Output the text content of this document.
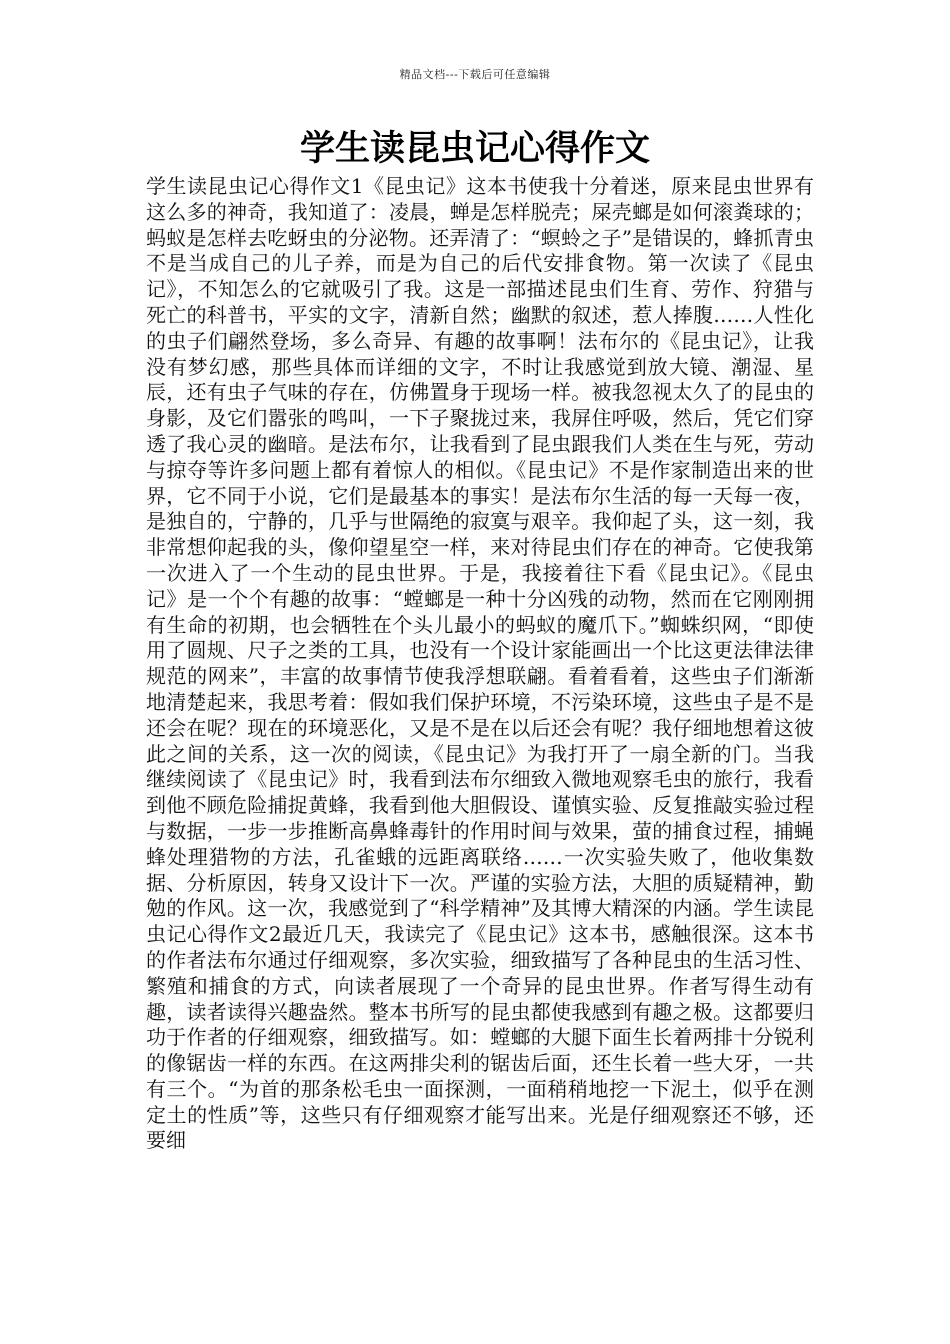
精品文档---下载后可任意编辑
学生读昆虫记心得作文

学生读昆虫记心得作文1《昆虫记》这本书使我十分着迷，原来昆虫世界有这么多的神奇，我知道了：凌晨，蝉是怎样脱壳；屎壳螂是如何滚粪球的；蚂蚁是怎样去吃蚜虫的分泌物。还弄清了：“螟蛉之子”是错误的，蜂抓青虫不是当成自己的儿子养，而是为自己的后代安排食物。第一次读了《昆虫记》，不知怎么的它就吸引了我。这是一部描述昆虫们生育、劳作、狩猎与死亡的科普书，平实的文字，清新自然；幽默的叙述，惹人捧腹……人性化的虫子们翩然登场，多么奇异、有趣的故事啊！法布尔的《昆虫记》，让我没有梦幻感，那些具体而详细的文字，不时让我感觉到放大镜、潮湿、星辰，还有虫子气味的存在，仿佛置身于现场一样。被我忽视太久了的昆虫的身影，及它们嚣张的鸣叫，一下子聚拢过来，我屏住呼吸，然后，凭它们穿透了我心灵的幽暗。是法布尔，让我看到了昆虫跟我们人类在生与死，劳动与掠夺等许多问题上都有着惊人的相似。《昆虫记》不是作家制造出来的世界，它不同于小说，它们是最基本的事实！是法布尔生活的每一天每一夜，是独自的，宁静的，几乎与世隔绝的寂寞与艰辛。我仰起了头，这一刻，我非常想仰起我的头，像仰望星空一样，来对待昆虫们存在的神奇。它使我第一次进入了一个生动的昆虫世界。于是，我接着往下看《昆虫记》。《昆虫记》是一个个有趣的故事：“螳螂是一种十分凶残的动物，然而在它刚刚拥有生命的初期，也会牺牲在个头儿最小的蚂蚁的魔爪下。”蜘蛛织网，“即使用了圆规、尺子之类的工具，也没有一个设计家能画出一个比这更法律法律规范的网来”，丰富的故事情节使我浮想联翩。看着看着，这些虫子们渐渐地清楚起来，我思考着：假如我们保护环境，不污染环境，这些虫子是不是还会在呢？现在的环境恶化，又是不是在以后还会有呢？我仔细地想着这彼此之间的关系，这一次的阅读，《昆虫记》为我打开了一扇全新的门。当我继续阅读了《昆虫记》时，我看到法布尔细致入微地观察毛虫的旅行，我看到他不顾危险捕捉黄蜂，我看到他大胆假设、谨慎实验、反复推敲实验过程与数据，一步一步推断高鼻蜂毒针的作用时间与效果，萤的捕食过程，捕蝇蜂处理猎物的方法，孔雀蛾的远距离联络……一次实验失败了，他收集数据、分析原因，转身又设计下一次。严谨的实验方法，大胆的质疑精神，勤勉的作风。这一次，我感觉到了“科学精神”及其博大精深的内涵。学生读昆虫记心得作文2最近几天，我读完了《昆虫记》这本书，感触很深。这本书的作者法布尔通过仔细观察，多次实验，细致描写了各种昆虫的生活习性、繁殖和捕食的方式，向读者展现了一个奇异的昆虫世界。作者写得生动有趣，读者读得兴趣盎然。整本书所写的昆虫都使我感到有趣之极。这都要归功于作者的仔细观察，细致描写。如：螳螂的大腿下面生长着两排十分锐利的像锯齿一样的东西。在这两排尖利的锯齿后面，还生长着一些大牙，一共有三个。“为首的那条松毛虫一面探测，一面稍稍地挖一下泥土，似乎在测定土的性质”等，这些只有仔细观察才能写出来。光是仔细观察还不够，还要细
